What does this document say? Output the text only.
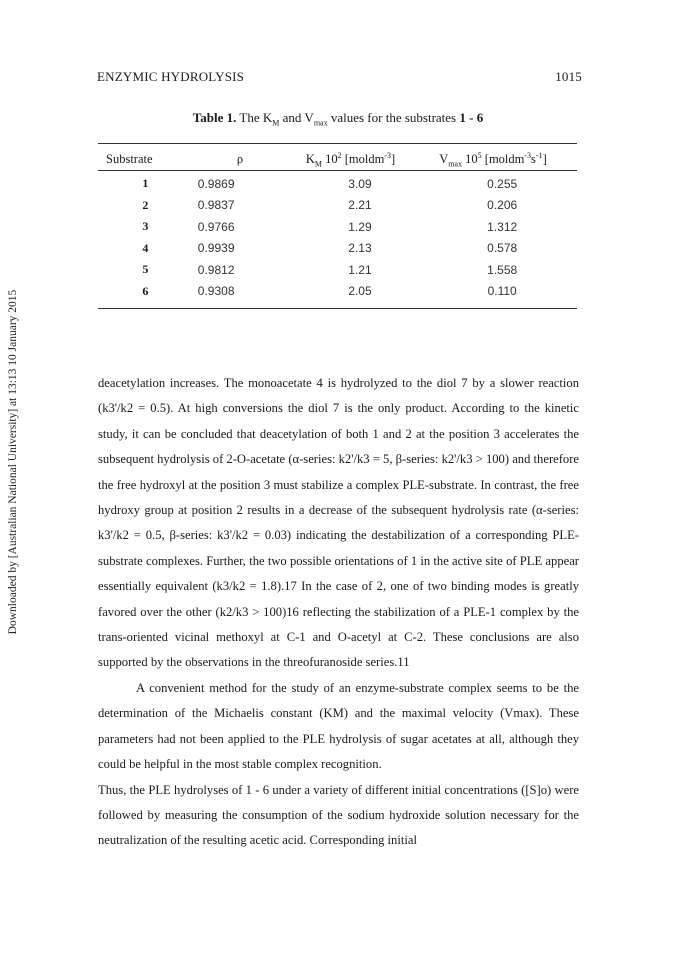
Downloaded by [Australian National University] at 13:13 10 January 2015
ENZYMIC HYDROLYSIS	1015
Table 1. The $K_M$ and $V_{max}$ values for the substrates 1 - 6
Substrate	ρ	$K_M$ $10^2$ [moldm$^{-3}$]	$V_{max}$ $10^5$ $[moldm^{-3}s^{-1}]$
1	0.9869	3.09	0.255
2	0.9837	2.21	0.206
3	0.9766	1.29	1.312
4	0.9939	2.13	0.578
5	0.9812	1.21	1.558
6	0.9308	2.05	0.110

deacetylation increases. The monoacetate 4 is hydrolyzed to the diol 7 by a slower reaction (k3'/k2 = 0.5). At high conversions the diol 7 is the only product. According to the kinetic study, it can be concluded that deacetylation of both 1 and 2 at the position 3 accelerates the subsequent hydrolysis of 2-O-acetate (α-series: k2'/k3 = 5, β-series: k2'/k3 > 100) and therefore the free hydroxyl at the position 3 must stabilize a complex PLE-substrate. In contrast, the free hydroxy group at position 2 results in a decrease of the subsequent hydrolysis rate (α-series: k3'/k2 = 0.5, β-series: k3'/k2 = 0.03) indicating the destabilization of a corresponding PLE-substrate complexes. Further, the two possible orientations of 1 in the active site of PLE appear essentially equivalent (k3/k2 = 1.8).17 In the case of 2, one of two binding modes is greatly favored over the other (k2/k3 > 100)16 reflecting the stabilization of a PLE-1 complex by the trans-oriented vicinal methoxyl at C-1 and O-acetyl at C-2. These conclusions are also supported by the observations in the threofuranoside series.11

A convenient method for the study of an enzyme-substrate complex seems to be the determination of the Michaelis constant (KM) and the maximal velocity (Vmax). These parameters had not been applied to the PLE hydrolysis of sugar acetates at all, although they could be helpful in the most stable complex recognition.

Thus, the PLE hydrolyses of 1 - 6 under a variety of different initial concentrations ([S]o) were followed by measuring the consumption of the sodium hydroxide solution necessary for the neutralization of the resulting acetic acid. Corresponding initial
